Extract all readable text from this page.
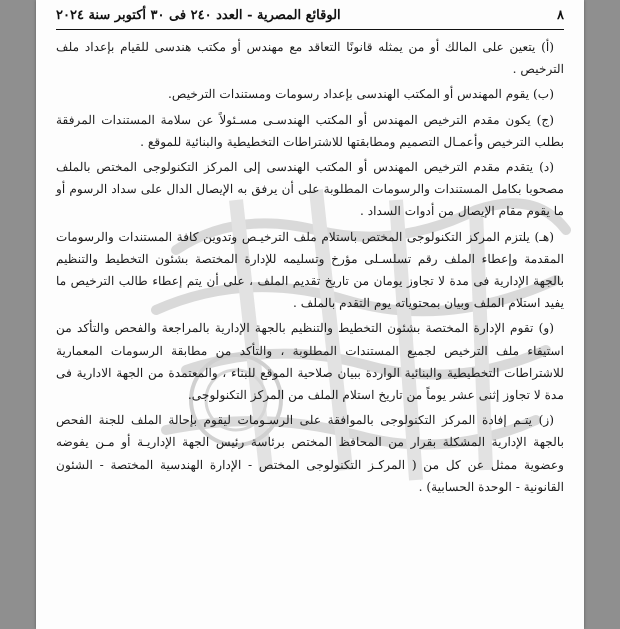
٨
الوقائع المصرية - العدد ٢٤٠ فى ٣٠ أكتوبر سنة ٢٠٢٤

(أ) يتعين على المالك أو من يمثله قانونًا التعاقد مع مهندس أو مكتب هندسى للقيام بإعداد ملف الترخيص .

(ب) يقوم المهندس أو المكتب الهندسى بإعداد رسومات ومستندات الترخيص.

(ج) يكون مقدم الترخيص المهندس أو المكتب الهندسـى مسـئولاً عن سلامة المستندات المرفقة بطلب الترخيص وأعمـال التصميم ومطابقتها للاشتراطات التخطيطية والبنائية للموقع .

(د) يتقدم مقدم الترخيص المهندس أو المكتب الهندسى إلى المركز التكنولوجى المختص بالملف مصحوبا بكامل المستندات والرسومات المطلوبة على أن يرفق به الإيصال الدال على سداد الرسوم أو ما يقوم مقام الإيصال من أدوات السداد .

(هـ) يلتزم المركز التكنولوجى المختص باستلام ملف الترخيـص وتدوين كافة المستندات والرسومات المقدمة وإعطاء الملف رقم تسلسـلى مؤرخ وتسليمه للإدارة المختصة بشئون التخطيط والتنظيم بالجهة الإدارية فى مدة لا تجاوز يومان من تاريخ تقديم الملف ، على أن يتم إعطاء طالب الترخيص ما يفيد استلام الملف وبيان بمحتوياته يوم التقدم بالملف .

(و) تقوم الإدارة المختصة بشئون التخطيط والتنظيم بالجهة الإدارية بالمراجعة والفحص والتأكد من استيفاء ملف الترخيص لجميع المستندات المطلوبة ، والتأكد من مطابقة الرسومات المعمارية للاشتراطات التخطيطية والبنائية الواردة ببيان صلاحية الموقع للبناء ، والمعتمدة من الجهة الادارية فى مدة لا تجاوز إثنى عشر يوماً من تاريخ استلام الملف من المركز التكنولوجى.

(ز) يتـم إفادة المركز التكنولوجى بالموافقة على الرسـومات ليقوم بإحالة الملف للجنة الفحص بالجهة الإدارية المشكلة بقرار من المحافظ المختص برئاسة رئيس الجهة الإداريـة أو مـن يفوضه وعضوية ممثل عن كل من ( المركـز التكنولوجى المختص - الإدارة الهندسية المختصة - الشئون القانونية - الوحدة الحسابية) .
